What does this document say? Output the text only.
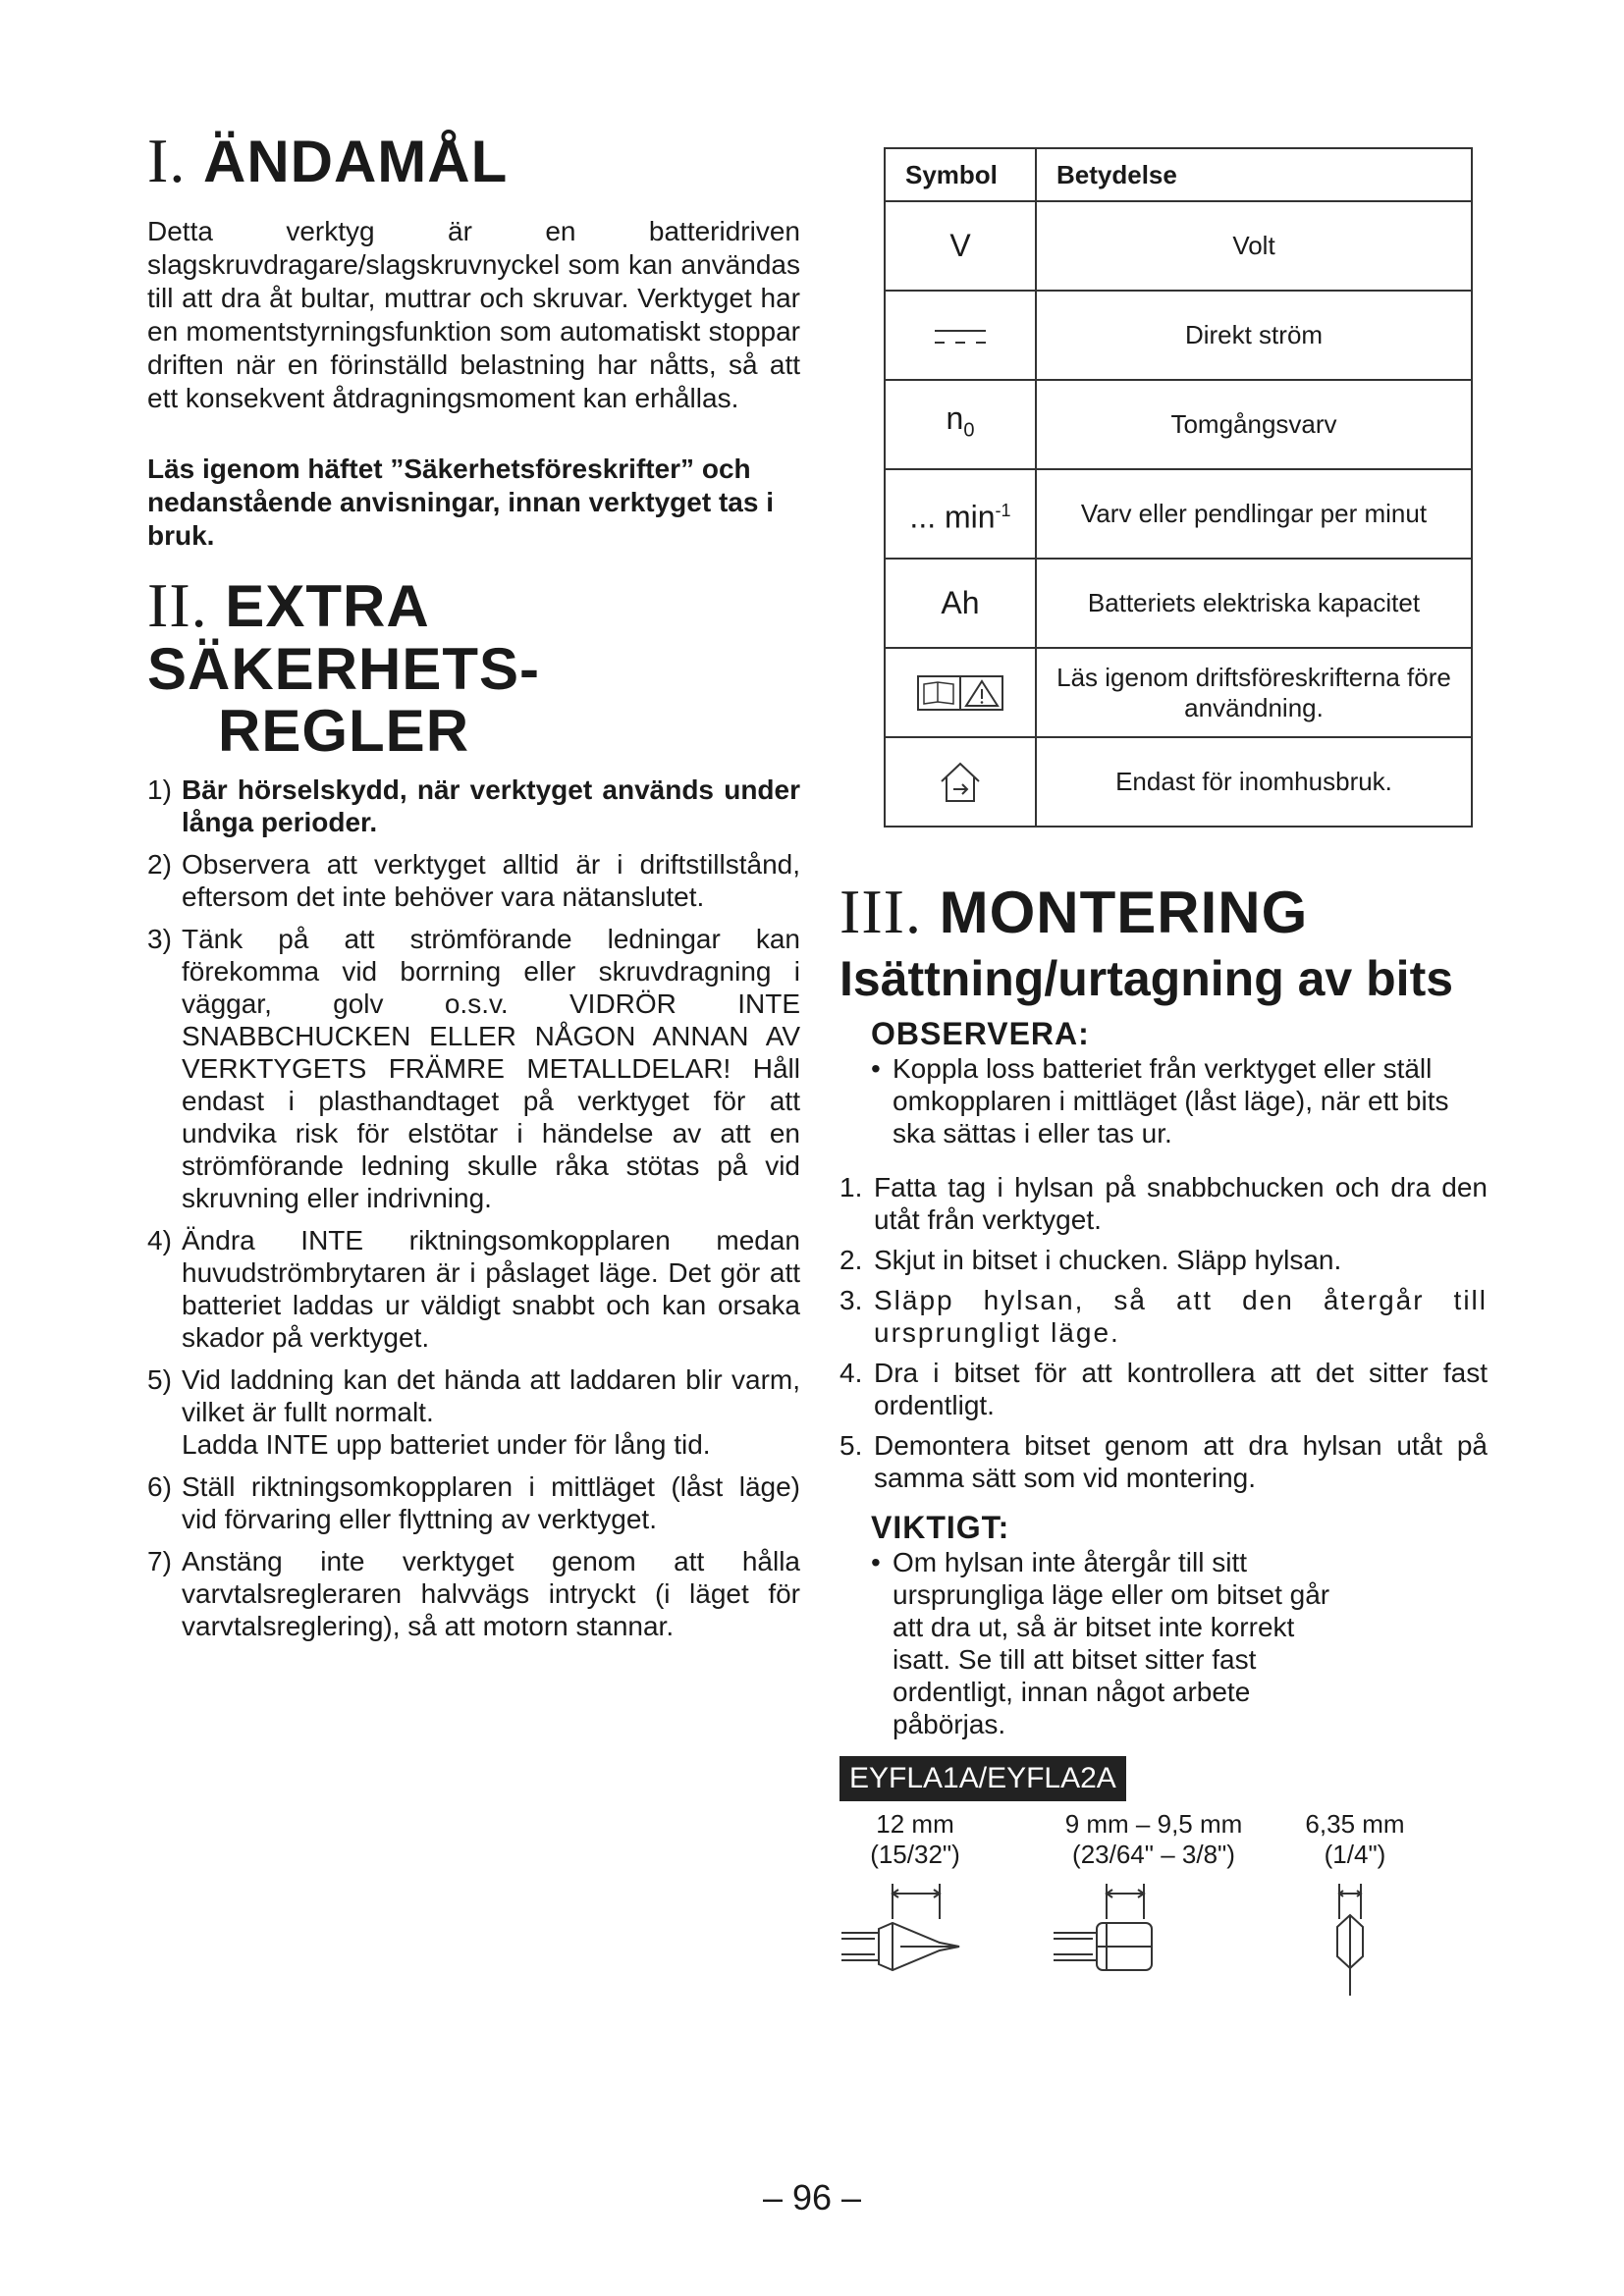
I. ÄNDAMÅL

Detta verktyg är en batteridriven slagskruvdragare/slagskruvnyckel som kan användas till att dra åt bultar, muttrar och skruvar. Verktyget har en momentstyrningsfunktion som automatiskt stoppar driften när en förinställd belastning har nåtts, så att ett konsekvent åtdragningsmoment kan erhållas.

Läs igenom häftet ”Säkerhetsföreskrifter” och nedanstående anvisningar, innan verktyget tas i bruk.

II. EXTRA SÄKERHETS-
REGLER
1) Bär hörselskydd, när verktyget används under långa perioder.
2) Observera att verktyget alltid är i driftstillstånd, eftersom det inte behöver vara nätanslutet.
3) Tänk på att strömförande ledningar kan förekomma vid borrning eller skruvdragning i väggar, golv o.s.v. VIDRÖR INTE SNABBCHUCKEN ELLER NÅGON ANNAN AV VERKTYGETS FRÄMRE METALLDELAR! Håll endast i plasthandtaget på verktyget för att undvika risk för elstötar i händelse av att en strömförande ledning skulle råka stötas på vid skruvning eller indrivning.
4) Ändra INTE riktningsomkopplaren medan huvudströmbrytaren är i påslaget läge. Det gör att batteriet laddas ur väldigt snabbt och kan orsaka skador på verktyget.
5) Vid laddning kan det hända att laddaren blir varm, vilket är fullt normalt.
Ladda INTE upp batteriet under för lång tid.
6) Ställ riktningsomkopplaren i mittläget (låst läge) vid förvaring eller flyttning av verktyget.
7) Anstäng inte verktyget genom att hålla varvtalsregleraren halvvägs intryckt (i läget för varvtalsreglering), så att motorn stannar.
Symbol	Betydelse
V	Volt
	Direkt ström
$n_0$	Tomgångsvarv
... $\min^{-1}$	Varv eller pendlingar per minut
Ah	Batteriets elektriska kapacitet
	Läs igenom driftsföreskrifterna före användning.
	Endast för inomhusbruk.
III. MONTERING
Isättning/urtagning av bits
OBSERVERA:
• Koppla loss batteriet från verktyget eller ställ omkopplaren i mittläget (låst läge), när ett bits ska sättas i eller tas ur.
1. Fatta tag i hylsan på snabbchucken och dra den utåt från verktyget.
2. Skjut in bitset i chucken. Släpp hylsan.
3. Släpp hylsan, så att den återgår till ursprungligt läge.
4. Dra i bitset för att kontrollera att det sitter fast ordentligt.
5. Demontera bitset genom att dra hylsan utåt på samma sätt som vid montering.
VIKTIGT:
• Om hylsan inte återgår till sitt ursprungliga läge eller om bitset går att dra ut, så är bitset inte korrekt isatt. Se till att bitset sitter fast ordentligt, innan något arbete påbörjas.
EYFLA1A/EYFLA2A
12 mm
(15/32")
9 mm – 9,5 mm
(23/64" – 3/8")
6,35 mm
(1/4")
– 96 –
